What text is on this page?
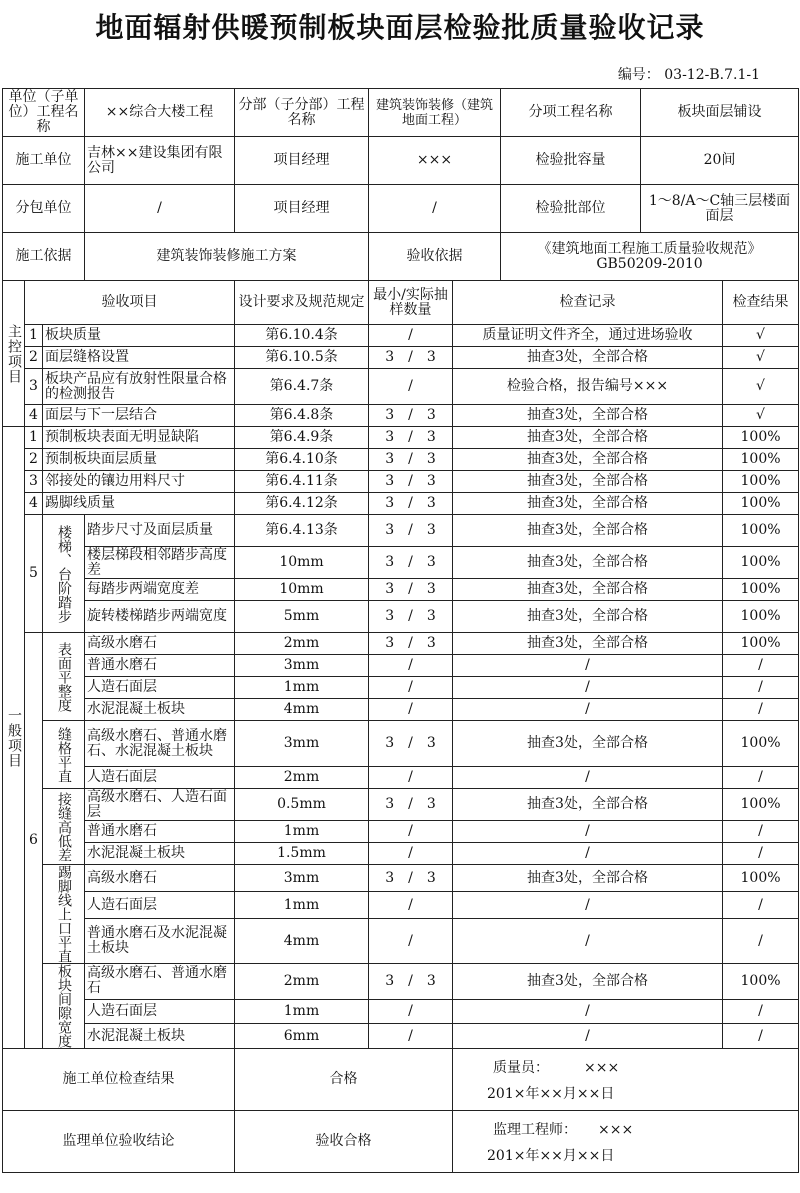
地面辐射供暖预制板块面层检验批质量验收记录
编号： 03-12-B.7.1-1
单位（子单位）工程名称			××综合大楼工程	分部（子分部）工程名称	建筑装饰装修（建筑地面工程）		分项工程名称	板块面层铺设	
施工单位			吉林××建设集团有限公司	项目经理	×××		检验批容量	20间	
分包单位			/	项目经理	/		检验批部位	1～8/A～C轴三层楼面面层	
施工依据			建筑装饰装修施工方案		验收依据		《建筑地面工程施工质量验收规范》GB50209-2010		
主控项目	验收项目			设计要求及规范规定	最小/实际抽样数量	检查记录			检查结果
	1	板块质量		第6.10.4条	/	质量证明文件齐全，通过进场验收			√
	2	面层缝格设置		第6.10.5条	3　/　3	抽查3处，全部合格			√
	3	板块产品应有放射性限量合格的检测报告		第6.4.7条	/	检验合格，报告编号×××			√
	4	面层与下一层结合		第6.4.8条	3　/　3	抽查3处，全部合格			√
一般项目	1	预制板块表面无明显缺陷		第6.4.9条	3　/　3	抽查3处，全部合格			100%
	2	预制板块面层质量		第6.4.10条	3　/　3	抽查3处，全部合格			100%
	3	邻接处的镶边用料尺寸		第6.4.11条	3　/　3	抽查3处，全部合格			100%
	4	踢脚线质量		第6.4.12条	3　/　3	抽查3处，全部合格			100%
	5	楼梯、台阶踏步	踏步尺寸及面层质量	第6.4.13条	3　/　3	抽查3处，全部合格			100%
			楼层梯段相邻踏步高度差	10mm	3　/　3	抽查3处，全部合格			100%
			每踏步两端宽度差	10mm	3　/　3	抽查3处，全部合格			100%
			旋转楼梯踏步两端宽度	5mm	3　/　3	抽查3处，全部合格			100%
	6	表面平整度	高级水磨石	2mm	3　/　3	抽查3处，全部合格			100%
			普通水磨石	3mm	/	/			/
			人造石面层	1mm	/	/			/
			水泥混凝土板块	4mm	/	/			/
		缝格平直	高级水磨石、普通水磨石、水泥混凝土板块	3mm	3　/　3	抽查3处，全部合格			100%
			人造石面层	2mm	/	/			/
		接缝高低差	高级水磨石、人造石面层	0.5mm	3　/　3	抽查3处，全部合格			100%
			普通水磨石	1mm	/	/			/
			水泥混凝土板块	1.5mm	/	/			/
		踢脚线上口平直	高级水磨石	3mm	3　/　3	抽查3处，全部合格			100%
			人造石面层	1mm	/	/			/
			普通水磨石及水泥混凝土板块	4mm	/	/			/
		板块间隙宽度	高级水磨石、普通水磨石	2mm	3　/　3	抽查3处，全部合格			100%
			人造石面层	1mm	/	/			/
			水泥混凝土板块	6mm	/	/			/
施工单位检查结果				合格		质量员：　　　×××
201×年××月××日			

监理单位验收结论				验收合格		监理工程师：　　×××
201×年××月××日			
